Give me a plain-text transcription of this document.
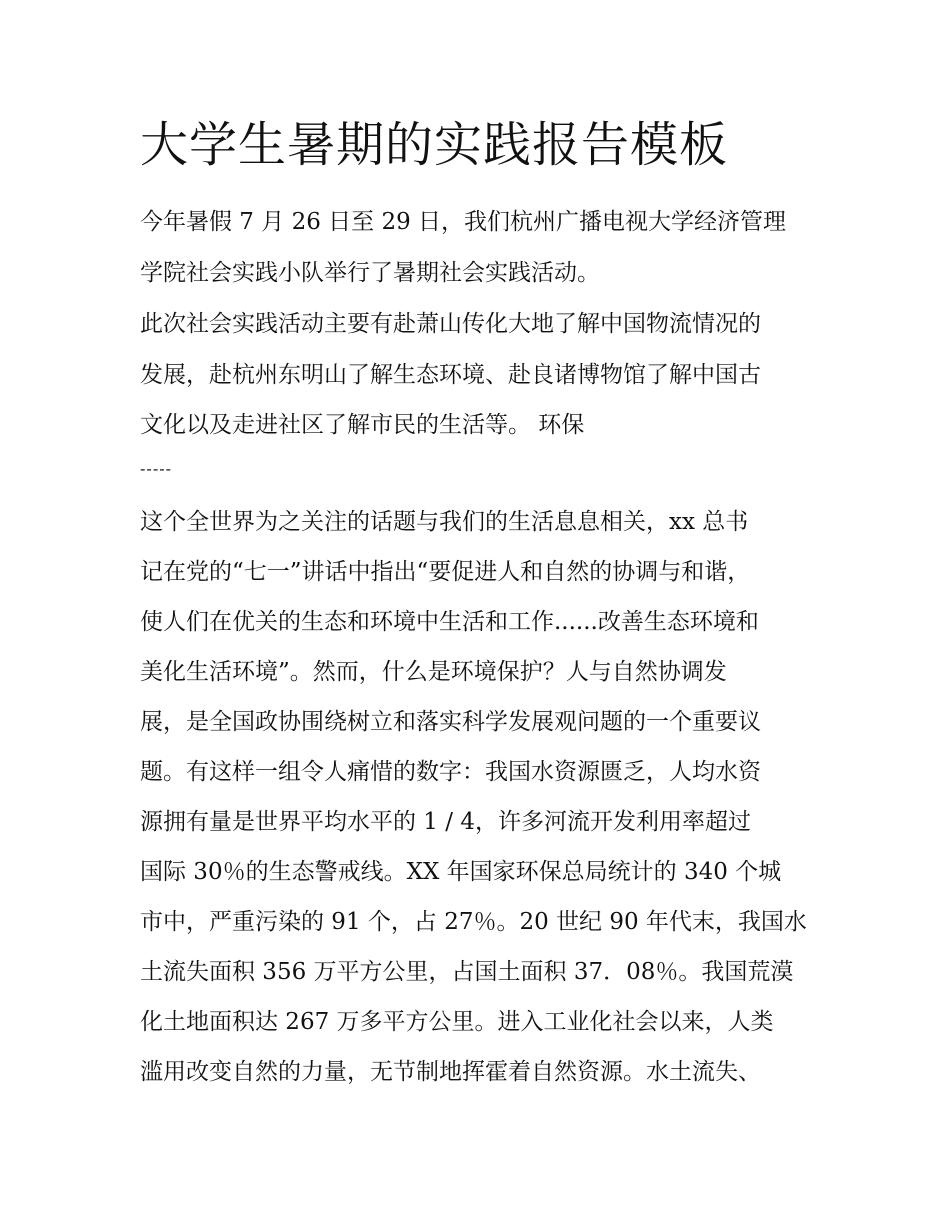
大学生暑期的实践报告模板

今年暑假 7 月 26 日至 29 日，我们杭州广播电视大学经济管理

学院社会实践小队举行了暑期社会实践活动。

此次社会实践活动主要有赴萧山传化大地了解中国物流情况的

发展，赴杭州东明山了解生态环境、赴良诸博物馆了解中国古

文化以及走进社区了解市民的生活等。 环保

-----

这个全世界为之关注的话题与我们的生活息息相关，xx 总书

记在党的“七一”讲话中指出“要促进人和自然的协调与和谐，

使人们在优关的生态和环境中生活和工作......改善生态环境和

美化生活环境”。然而，什么是环境保护？人与自然协调发

展，是全国政协围绕树立和落实科学发展观问题的一个重要议

题。有这样一组令人痛惜的数字：我国水资源匮乏，人均水资

源拥有量是世界平均水平的 1 / 4，许多河流开发利用率超过

国际 30％的生态警戒线。XX 年国家环保总局统计的 340 个城

市中，严重污染的 91 个，占 27％。20 世纪 90 年代末，我国水

土流失面积 356 万平方公里，占国土面积 37．08％。我国荒漠

化土地面积达 267 万多平方公里。进入工业化社会以来，人类

滥用改变自然的力量，无节制地挥霍着自然资源。水土流失、
